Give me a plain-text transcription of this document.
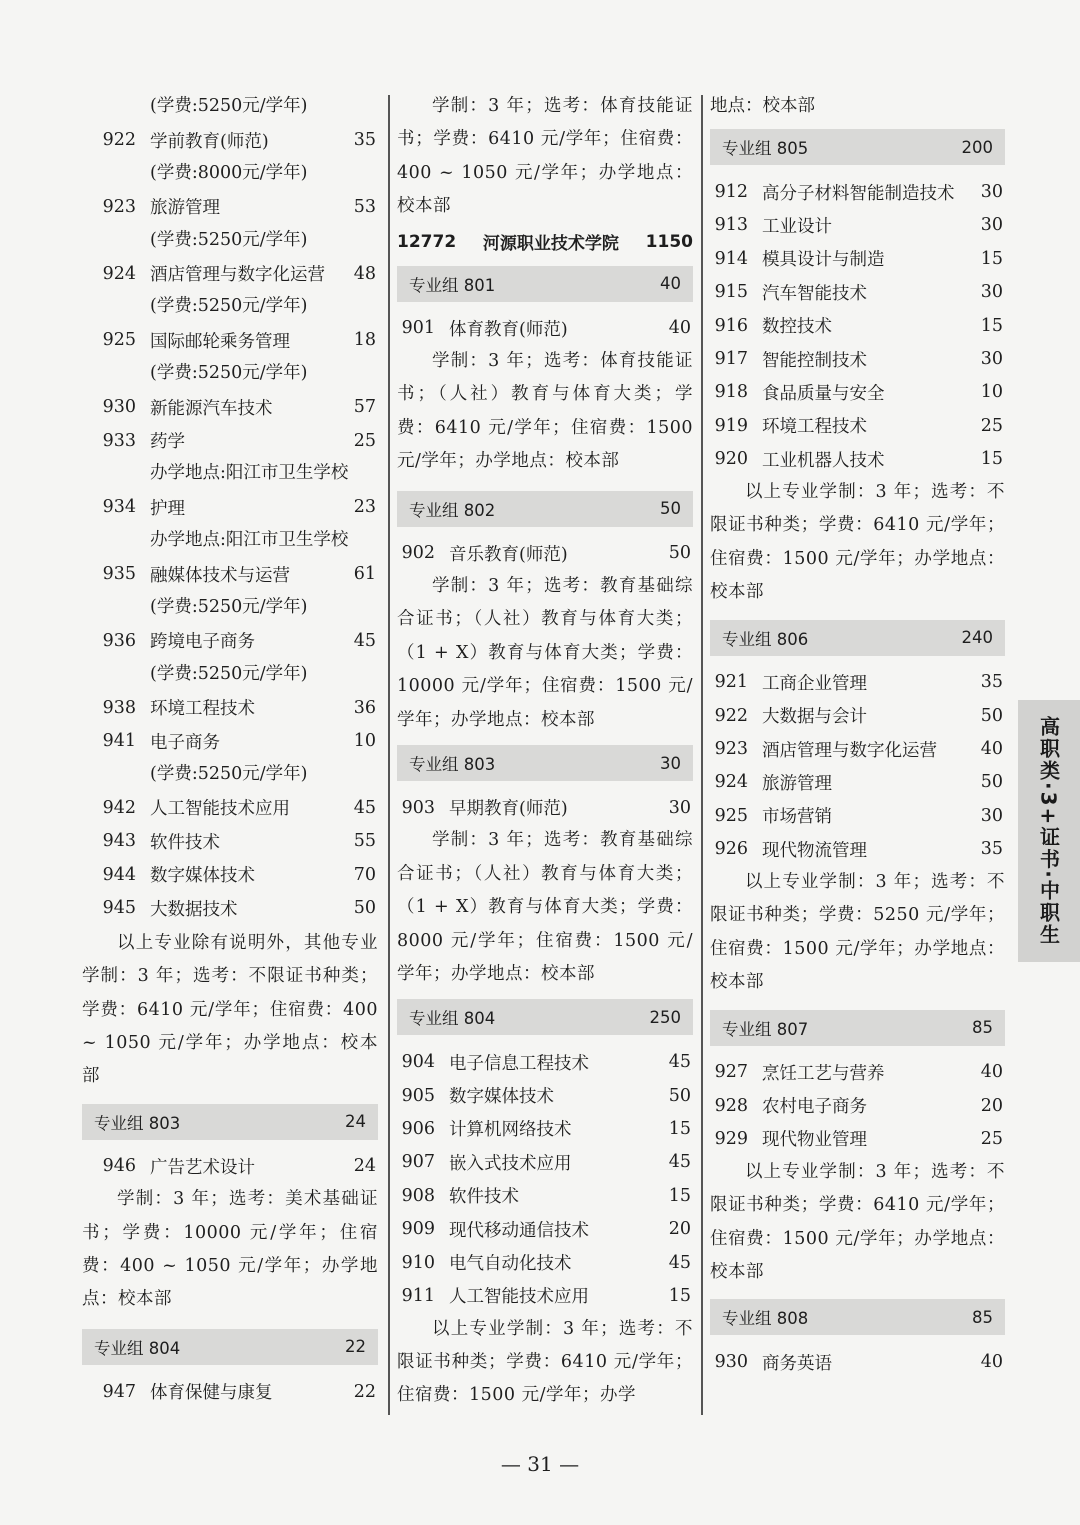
(学费:5250元/学年)
922 学前教育(师范)	35
(学费:8000元/学年)
923 旅游管理	53
(学费:5250元/学年)
924 酒店管理与数字化运营	48
(学费:5250元/学年)
925 国际邮轮乘务管理	18
(学费:5250元/学年)
930 新能源汽车技术	57
933 药学	25
办学地点:阳江市卫生学校
934 护理	23
办学地点:阳江市卫生学校
935 融媒体技术与运营	61
(学费:5250元/学年)
936 跨境电子商务	45
(学费:5250元/学年)
938 环境工程技术	36
941 电子商务	10
(学费:5250元/学年)
942 人工智能技术应用	45
943 软件技术	55
944 数字媒体技术	70
945 大数据技术	50
以上专业除有说明外，其他专业学制：3 年；选考：不限证书种类；学费：6410 元/学年；住宿费：400 ~ 1050 元/学年；办学地点：校本部
专业组 803	24
946 广告艺术设计	24
学制：3 年；选考：美术基础证书；学费：10000 元/学年；住宿费：400 ~ 1050 元/学年；办学地点：校本部
专业组 804	22
947 体育保健与康复	22
学制：3 年；选考：体育技能证书；学费：6410 元/学年；住宿费：400 ~ 1050 元/学年；办学地点：校本部
12772 河源职业技术学院 1150
专业组 801	40
901 体育教育(师范)	40
学制：3 年；选考：体育技能证书；（人社）教育与体育大类；学费：6410 元/学年；住宿费：1500 元/学年；办学地点：校本部
专业组 802	50
902 音乐教育(师范)	50
学制：3 年；选考：教育基础综合证书；（人社）教育与体育大类；（1 + X）教育与体育大类；学费：10000 元/学年；住宿费：1500 元/学年；办学地点：校本部
专业组 803	30
903 早期教育(师范)	30
学制：3 年；选考：教育基础综合证书；（人社）教育与体育大类；（1 + X）教育与体育大类；学费：8000 元/学年；住宿费：1500 元/学年；办学地点：校本部
专业组 804	250
904 电子信息工程技术	45
905 数字媒体技术	50
906 计算机网络技术	15
907 嵌入式技术应用	45
908 软件技术	15
909 现代移动通信技术	20
910 电气自动化技术	45
911 人工智能技术应用	15
以上专业学制：3 年；选考：不限证书种类；学费：6410 元/学年；住宿费：1500 元/学年；办学
地点：校本部
专业组 805	200
912 高分子材料智能制造技术	30
913 工业设计	30
914 模具设计与制造	15
915 汽车智能技术	30
916 数控技术	15
917 智能控制技术	30
918 食品质量与安全	10
919 环境工程技术	25
920 工业机器人技术	15
以上专业学制：3 年；选考：不限证书种类；学费：6410 元/学年；住宿费：1500 元/学年；办学地点：校本部
专业组 806	240
921 工商企业管理	35
922 大数据与会计	50
923 酒店管理与数字化运营	40
924 旅游管理	50
925 市场营销	30
926 现代物流管理	35
以上专业学制：3 年；选考：不限证书种类；学费：5250 元/学年；住宿费：1500 元/学年；办学地点：校本部
专业组 807	85
927 烹饪工艺与营养	40
928 农村电子商务	20
929 现代物业管理	25
以上专业学制：3 年；选考：不限证书种类；学费：6410 元/学年；住宿费：1500 元/学年；办学地点：校本部
专业组 808	85
930 商务英语	40
高职类·3+证书·中职生
— 31 —
